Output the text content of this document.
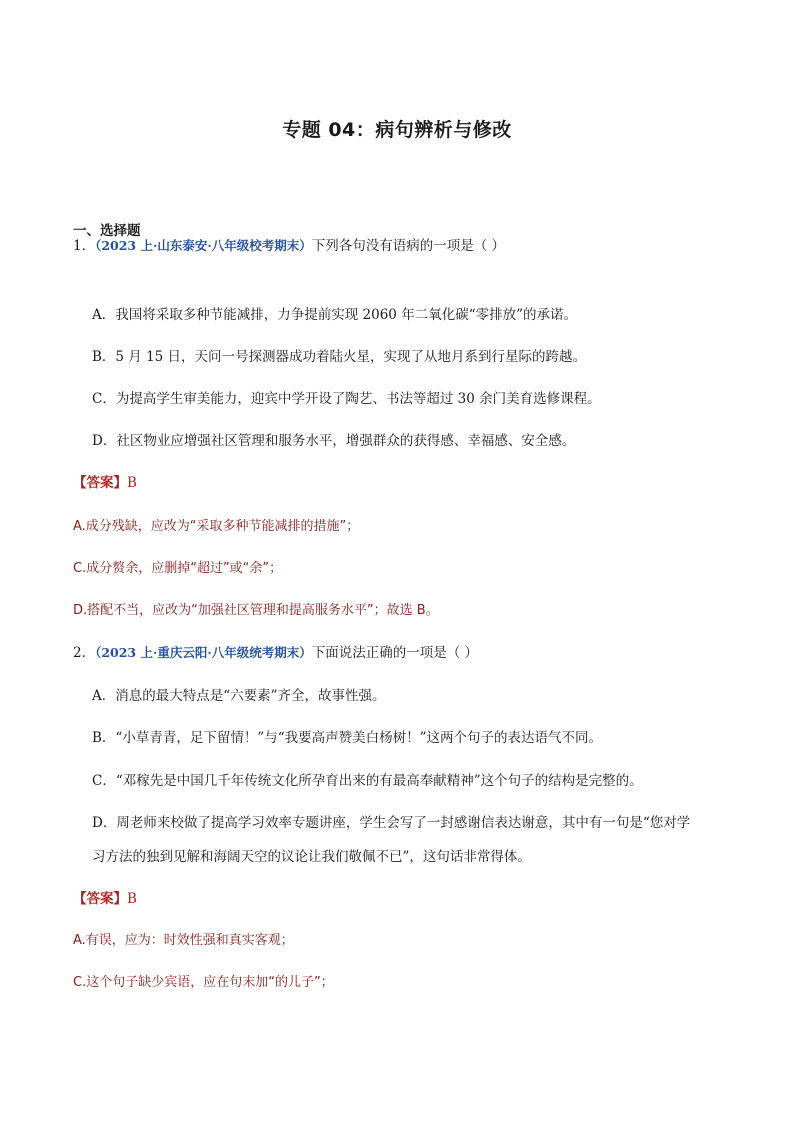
专题 04：病句辨析与修改
一、选择题
1．（2023 上·山东泰安·八年级校考期末）下列各句没有语病的一项是（ ）
A．我国将采取多种节能减排，力争提前实现 2060 年二氧化碳“零排放”的承诺。
B．5 月 15 日，天问一号探测器成功着陆火星，实现了从地月系到行星际的跨越。
C．为提高学生审美能力，迎宾中学开设了陶艺、书法等超过 30 余门美育选修课程。
D．社区物业应增强社区管理和服务水平，增强群众的获得感、幸福感、安全感。
【答案】B
A.成分残缺，应改为“采取多种节能减排的措施”；
C.成分赘余，应删掉“超过”或“余”；
D.搭配不当，应改为“加强社区管理和提高服务水平”；故选 B。
2．（2023 上·重庆云阳·八年级统考期末）下面说法正确的一项是（ ）
A．消息的最大特点是“六要素”齐全，故事性强。
B．“小草青青，足下留情！”与“我要高声赞美白杨树！”这两个句子的表达语气不同。
C．“邓稼先是中国几千年传统文化所孕育出来的有最高奉献精神”这个句子的结构是完整的。
D．周老师来校做了提高学习效率专题讲座，学生会写了一封感谢信表达谢意，其中有一句是“您对学
习方法的独到见解和海阔天空的议论让我们敬佩不已”，这句话非常得体。
【答案】B
A.有误，应为：时效性强和真实客观；
C.这个句子缺少宾语，应在句末加“的儿子”；
